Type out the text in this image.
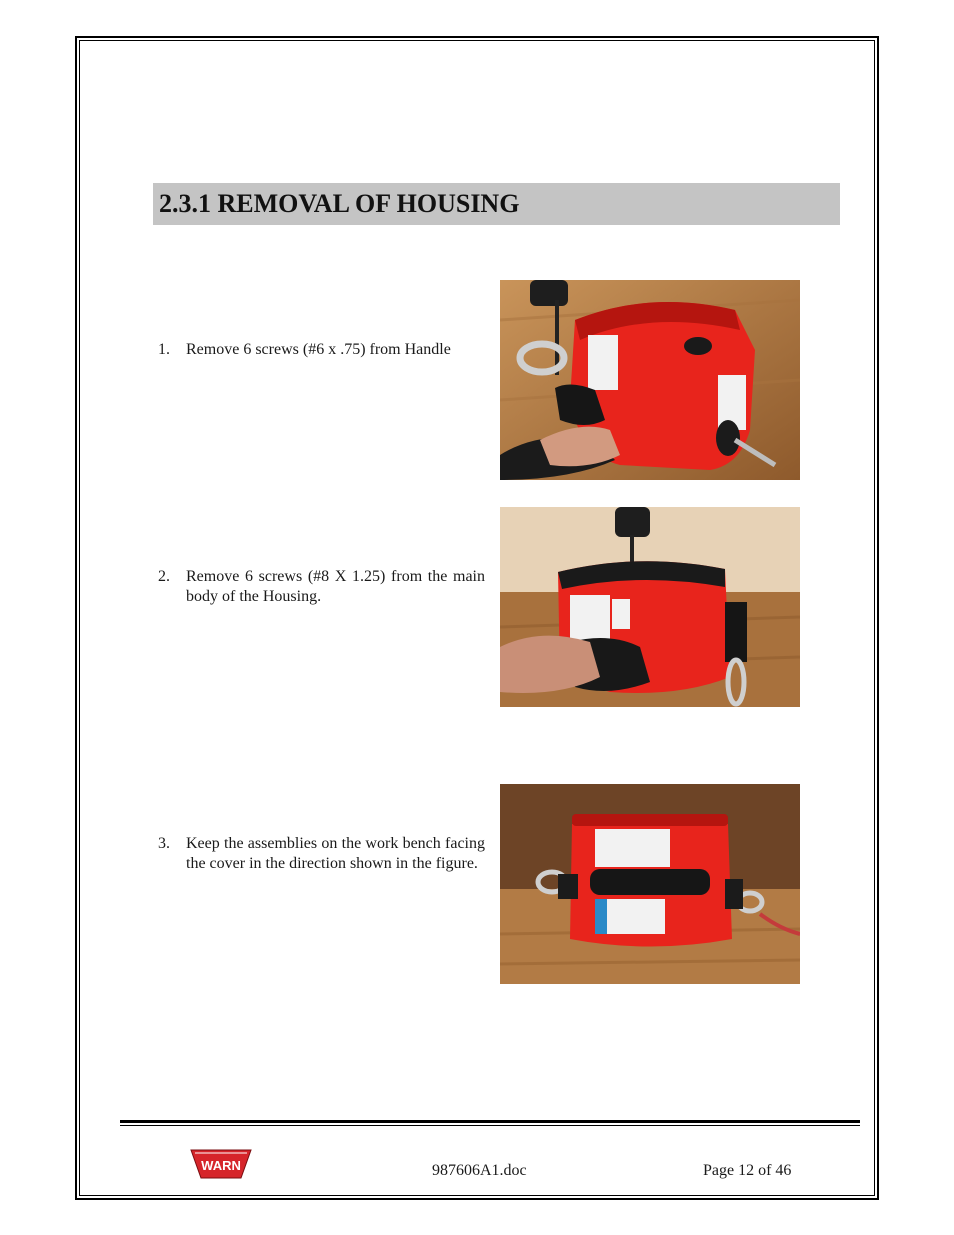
2.3.1 REMOVAL OF HOUSING
1. Remove 6 screws (#6 x .75) from Handle
2. Remove 6 screws (#8 X 1.25) from the main body of the Housing.
3. Keep the assemblies on the work bench facing the cover in the direction shown in the figure.
WARN	987606A1.doc	Page 12 of 46
